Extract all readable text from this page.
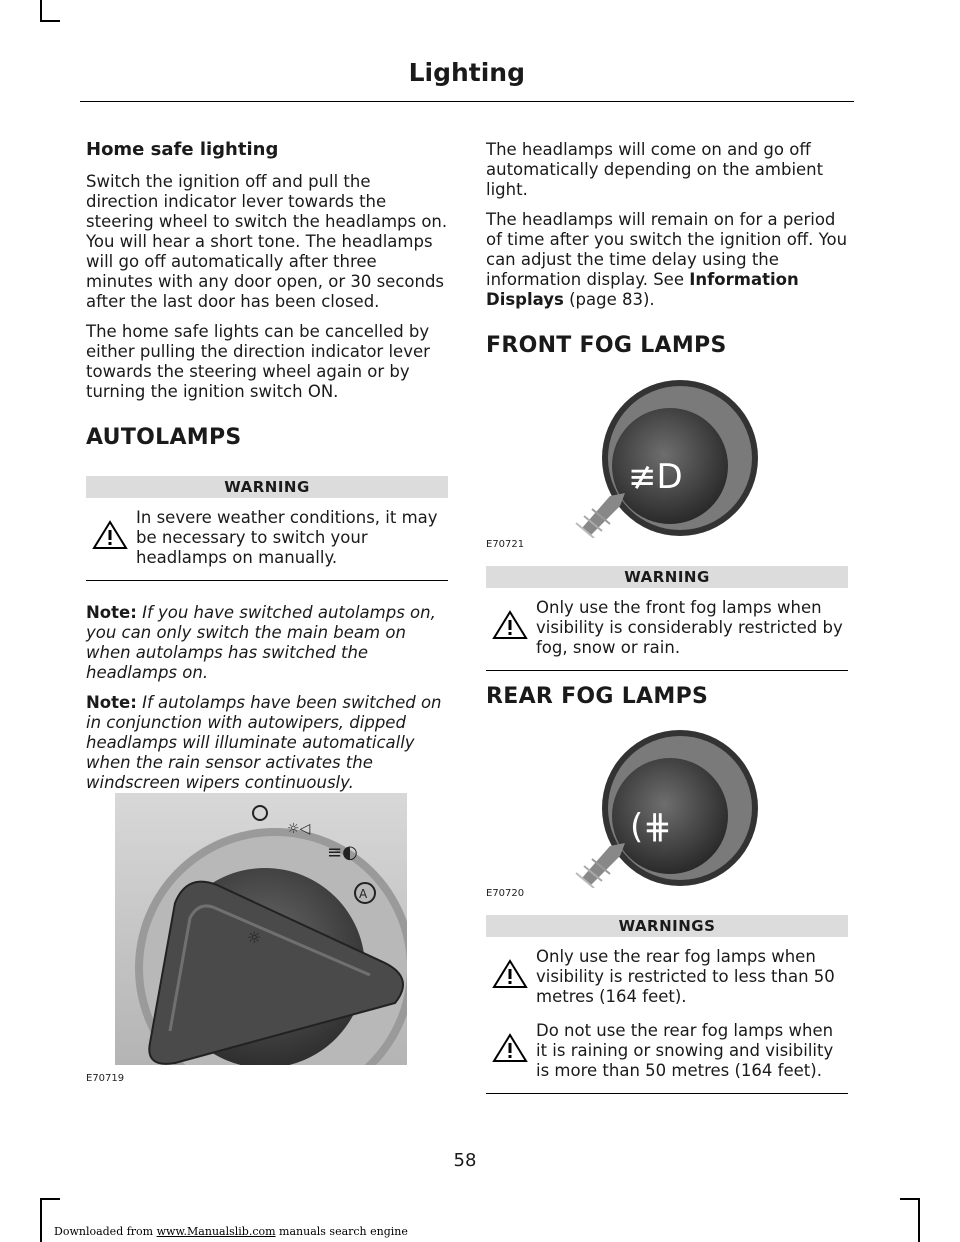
Lighting
Home safe lighting

Switch the ignition off and pull the direction indicator lever towards the steering wheel to switch the headlamps on. You will hear a short tone. The headlamps will go off automatically after three minutes with any door open, or 30 seconds after the last door has been closed.

The home safe lights can be cancelled by either pulling the direction indicator lever towards the steering wheel again or by turning the ignition switch ON.

AUTOLAMPS
WARNING
In severe weather conditions, it may be necessary to switch your headlamps on manually.

Note: If you have switched autolamps on, you can only switch the main beam on when autolamps has switched the headlamps on.

Note: If autolamps have been switched on in conjunction with autowipers, dipped headlamps will illuminate automatically when the rain sensor activates the windscreen wipers continuously.

☼◁
≡◐
A
☼
E70719

The headlamps will come on and go off automatically depending on the ambient light.

The headlamps will remain on for a period of time after you switch the ignition off. You can adjust the time delay using the information display. See Information Displays (page 83).

FRONT FOG LAMPS
≢D
E70721
WARNING
Only use the front fog lamps when visibility is considerably restricted by fog, snow or rain.
REAR FOG LAMPS
(⋕
E70720
WARNINGS
Only use the rear fog lamps when visibility is restricted to less than 50 metres (164 feet).
Do not use the rear fog lamps when it is raining or snowing and visibility is more than 50 metres (164 feet).
58
Downloaded from www.Manualslib.com manuals search engine
